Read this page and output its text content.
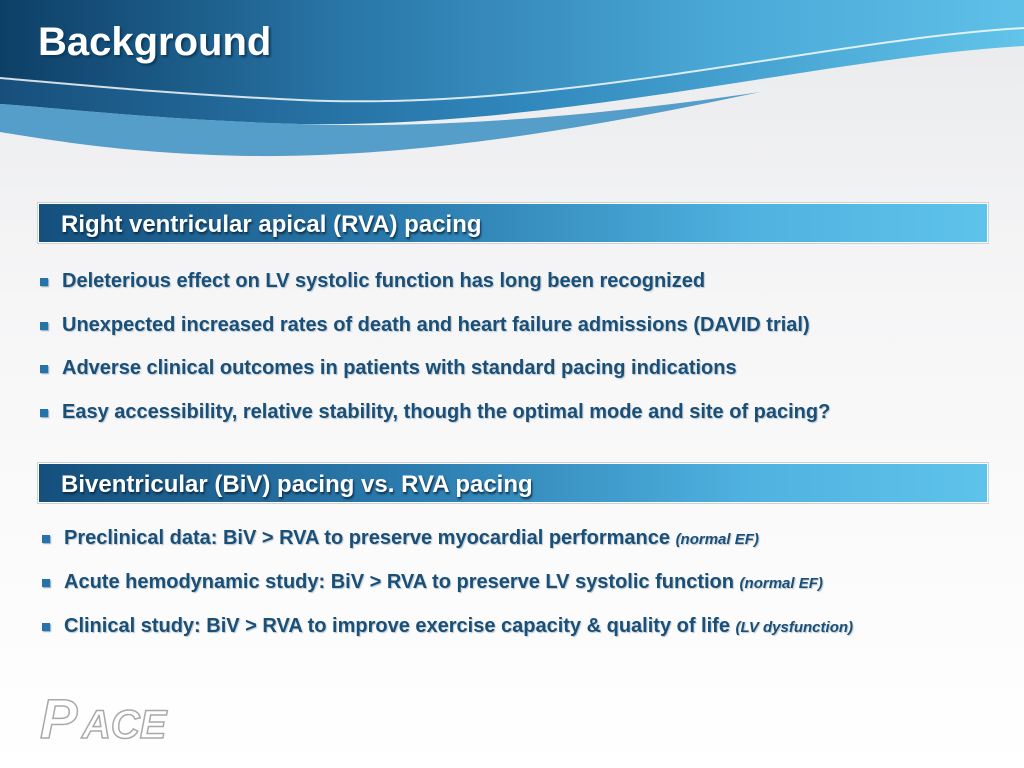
Background
Right ventricular apical (RVA) pacing
Deleterious effect on LV systolic function has long been recognized
Unexpected increased rates of death and heart failure admissions (DAVID trial)
Adverse clinical outcomes in patients with standard pacing indications
Easy accessibility, relative stability, though the optimal mode and site of pacing?
Biventricular (BiV) pacing vs. RVA pacing
Preclinical data: BiV > RVA to preserve myocardial performance (normal EF)
Acute hemodynamic study: BiV > RVA to preserve LV systolic function (normal EF)
Clinical study: BiV > RVA to improve exercise capacity & quality of life (LV dysfunction)
P ACE
